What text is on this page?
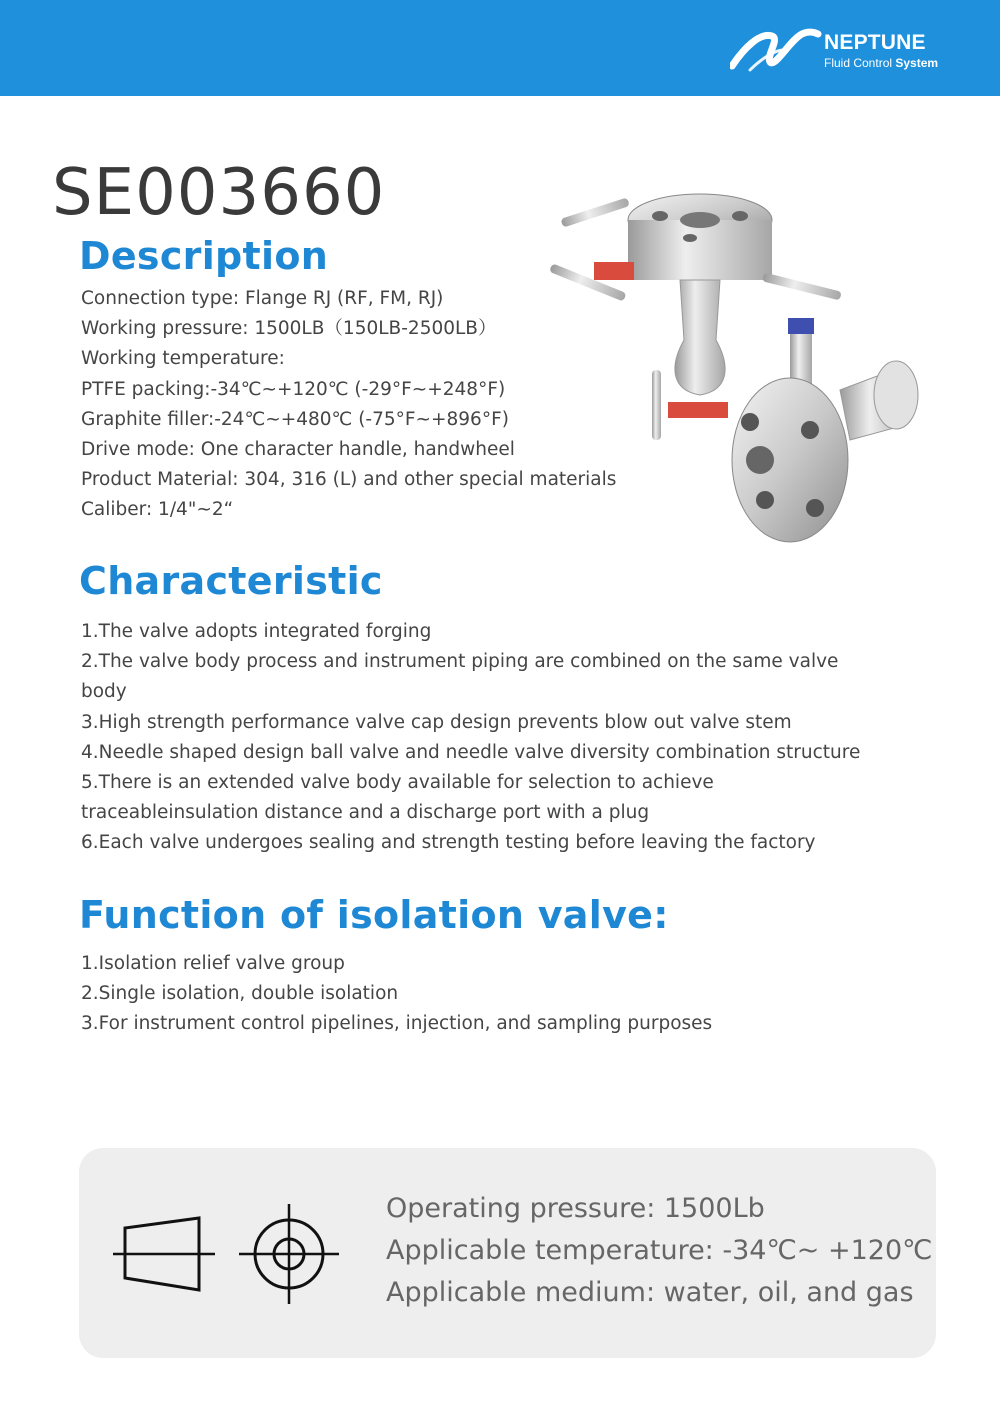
NEPTUNE
Fluid Control System
SE003660
Description
Connection type: Flange RJ (RF, FM, RJ)
Working pressure: 1500LB（150LB-2500LB）
Working temperature:
PTFE packing:-34℃~+120℃ (-29°F~+248°F)
Graphite filler:-24℃~+480℃ (-75°F~+896°F)
Drive mode: One character handle, handwheel
Product Material: 304, 316 (L) and other special materials
Caliber: 1/4"~2“
Characteristic
1.The valve adopts integrated forging
2.The valve body process and instrument piping are combined on the same valve body
3.High strength performance valve cap design prevents blow out valve stem
4.Needle shaped design ball valve and needle valve diversity combination structure
5.There is an extended valve body available for selection to achieve traceableinsulation distance and a discharge port with a plug
6.Each valve undergoes sealing and strength testing before leaving the factory
Function of isolation valve:
1.Isolation relief valve group
2.Single isolation, double isolation
3.For instrument control pipelines, injection, and sampling purposes
Operating pressure: 1500Lb
Applicable temperature: -34℃~ +120℃
Applicable medium: water, oil, and gas
